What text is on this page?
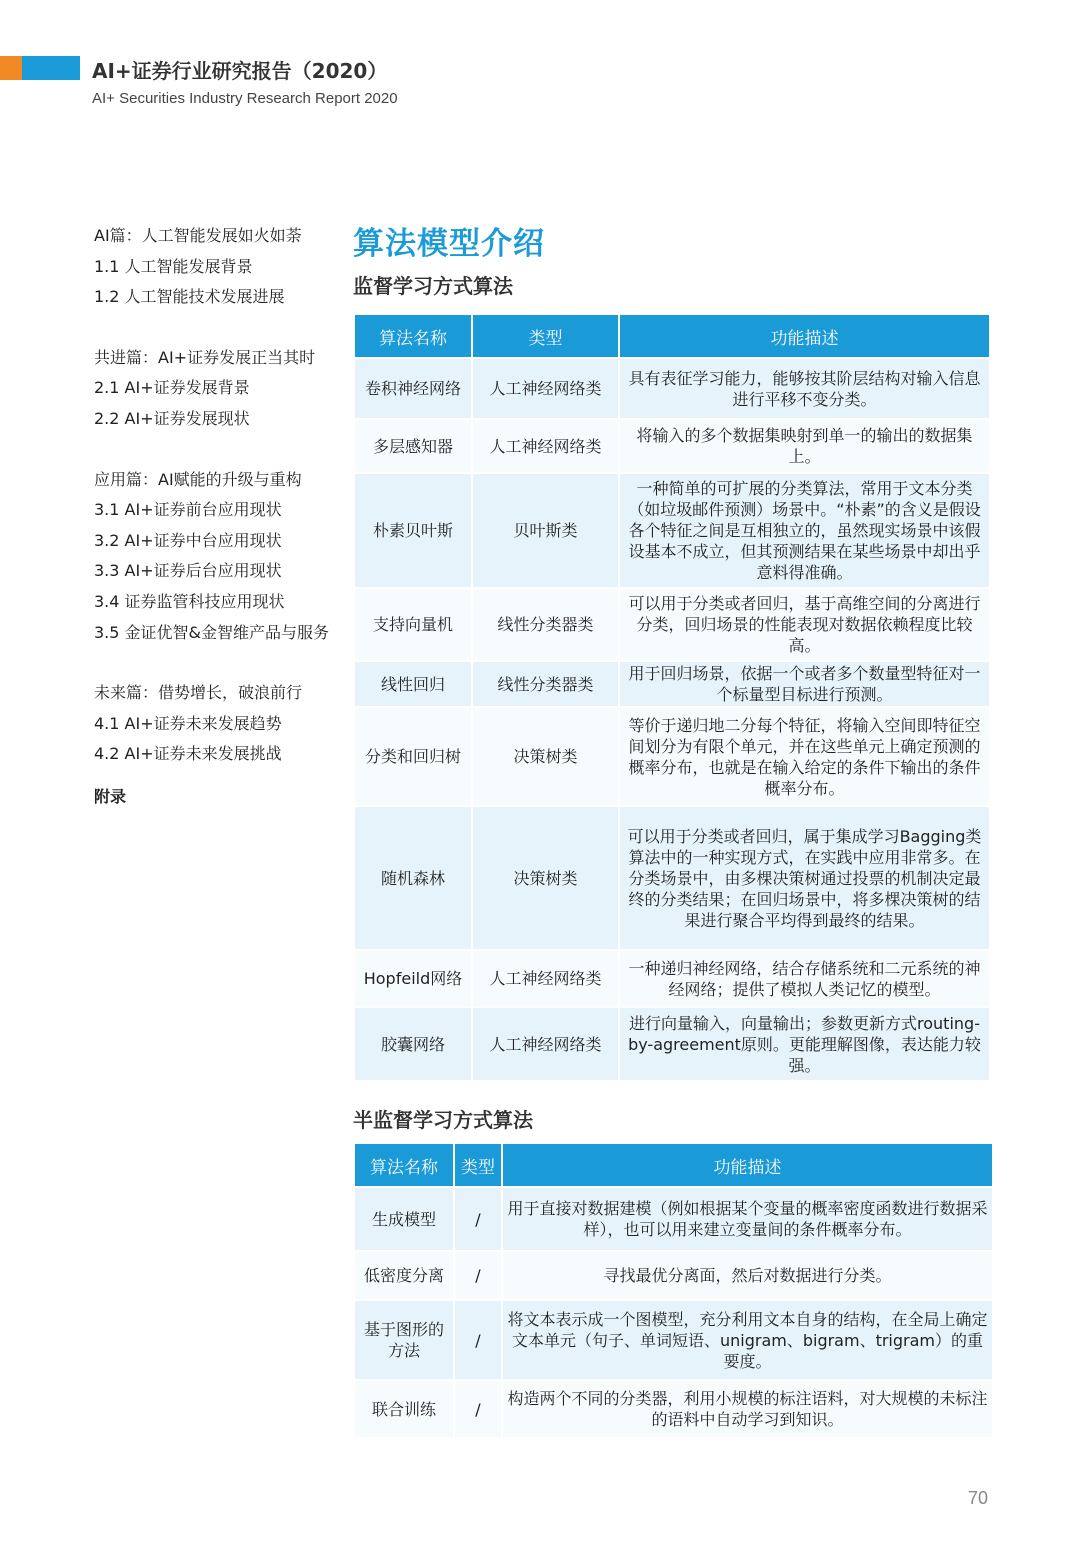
AI+证券行业研究报告（2020）
AI+ Securities Industry Research Report 2020
AI篇：人工智能发展如火如荼
1.1 人工智能发展背景
1.2 人工智能技术发展进展
共进篇：AI+证券发展正当其时
2.1 AI+证券发展背景
2.2 AI+证券发展现状
应用篇：AI赋能的升级与重构
3.1 AI+证券前台应用现状
3.2 AI+证券中台应用现状
3.3 AI+证券后台应用现状
3.4 证券监管科技应用现状
3.5 金证优智&金智维产品与服务
未来篇：借势增长，破浪前行
4.1 AI+证券未来发展趋势
4.2 AI+证券未来发展挑战
附录
算法模型介绍
监督学习方式算法
算法名称	类型	功能描述
卷积神经网络	人工神经网络类	具有表征学习能力，能够按其阶层结构对输入信息进行平移不变分类。
多层感知器	人工神经网络类	将输入的多个数据集映射到单一的输出的数据集上。
朴素贝叶斯	贝叶斯类	一种简单的可扩展的分类算法，常用于文本分类（如垃圾邮件预测）场景中。“朴素”的含义是假设各个特征之间是互相独立的，虽然现实场景中该假设基本不成立，但其预测结果在某些场景中却出乎意料得准确。
支持向量机	线性分类器类	可以用于分类或者回归，基于高维空间的分离进行分类，回归场景的性能表现对数据依赖程度比较高。
线性回归	线性分类器类	用于回归场景，依据一个或者多个数量型特征对一个标量型目标进行预测。
分类和回归树	决策树类	等价于递归地二分每个特征，将输入空间即特征空间划分为有限个单元，并在这些单元上确定预测的概率分布，也就是在输入给定的条件下输出的条件概率分布。
随机森林	决策树类	可以用于分类或者回归，属于集成学习Bagging类算法中的一种实现方式，在实践中应用非常多。在分类场景中，由多棵决策树通过投票的机制决定最终的分类结果；在回归场景中，将多棵决策树的结果进行聚合平均得到最终的结果。
Hopfeild网络	人工神经网络类	一种递归神经网络，结合存储系统和二元系统的神经网络；提供了模拟人类记忆的模型。
胶囊网络	人工神经网络类	进行向量输入，向量输出；参数更新方式routing-by-agreement原则。更能理解图像，表达能力较强。
半监督学习方式算法
算法名称	类型	功能描述
生成模型	/	用于直接对数据建模（例如根据某个变量的概率密度函数进行数据采样），也可以用来建立变量间的条件概率分布。
低密度分离	/	寻找最优分离面，然后对数据进行分类。
基于图形的方法	/	将文本表示成一个图模型，充分利用文本自身的结构，在全局上确定文本单元（句子、单词短语、unigram、bigram、trigram）的重要度。
联合训练	/	构造两个不同的分类器，利用小规模的标注语料，对大规模的未标注的语料中自动学习到知识。
70
